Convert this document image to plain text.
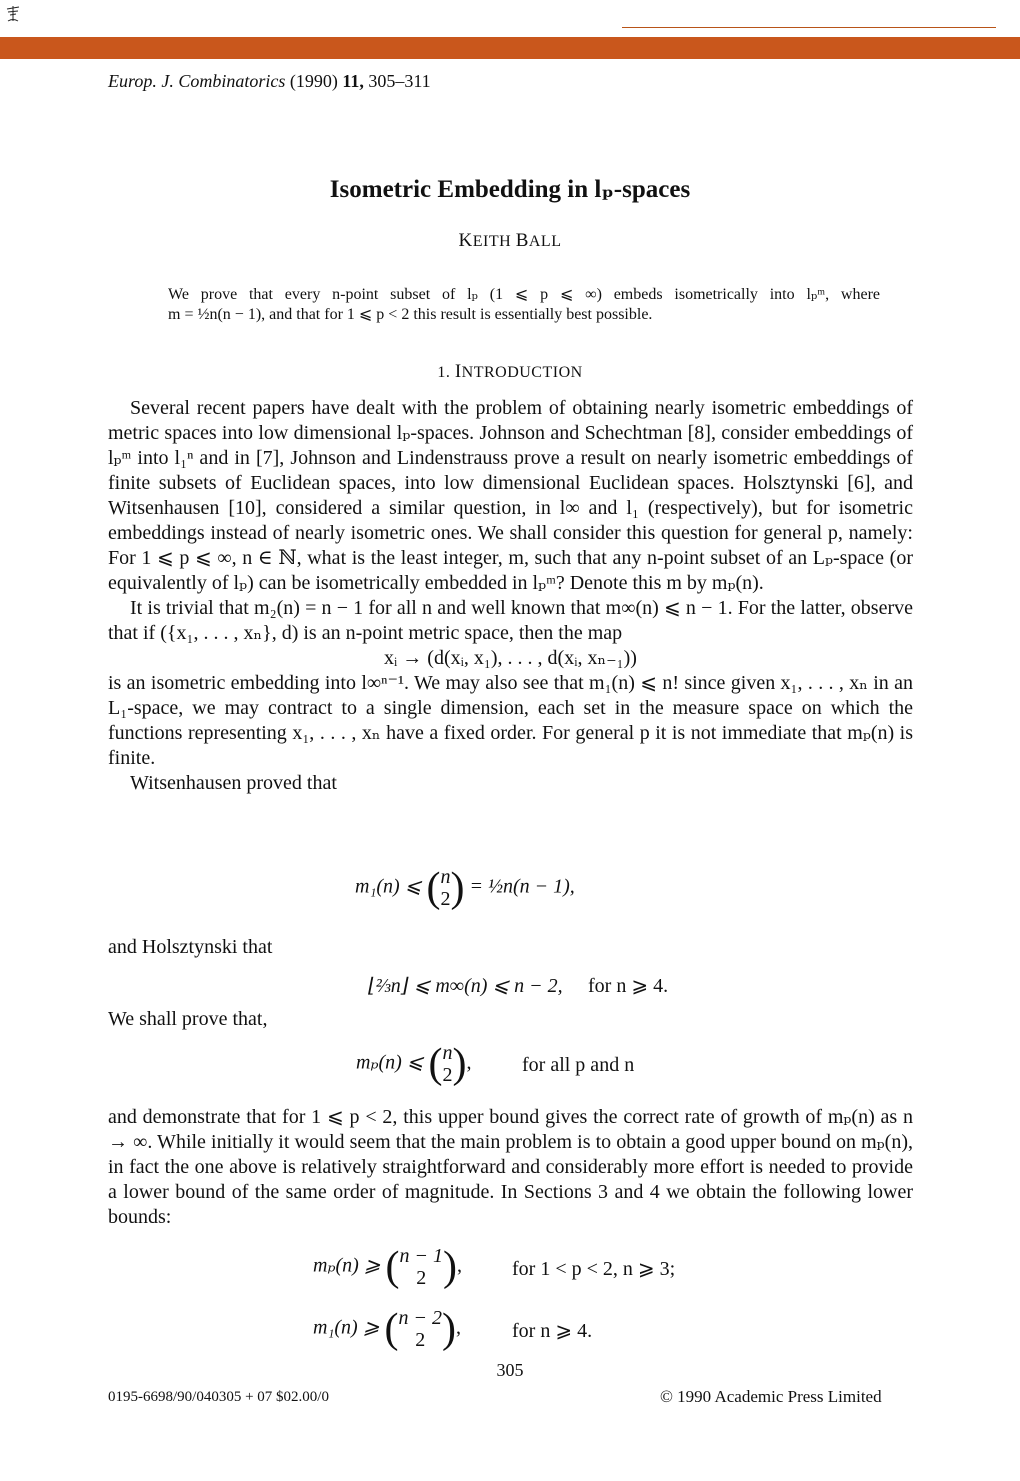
Europ. J. Combinatorics (1990) 11, 305–311
Isometric Embedding in lₚ-spaces
KEITH BALL

We prove that every n-point subset of lₚ (1 ⩽ p ⩽ ∞) embeds isometrically into lₚᵐ, where

m = ½n(n − 1), and that for 1 ⩽ p < 2 this result is essentially best possible.

1. INTRODUCTION

Several recent papers have dealt with the problem of obtaining nearly isometric embeddings of metric spaces into low dimensional lₚ-spaces. Johnson and Schechtman [8], consider embeddings of lₚᵐ into l₁ⁿ and in [7], Johnson and Lindenstrauss prove a result on nearly isometric embeddings of finite subsets of Euclidean spaces, into low dimensional Euclidean spaces. Holsztynski [6], and Witsenhausen [10], considered a similar question, in l∞ and l₁ (respectively), but for isometric embeddings instead of nearly isometric ones. We shall consider this question for general p, namely: For 1 ⩽ p ⩽ ∞, n ∈ ℕ, what is the least integer, m, such that any n-point subset of an Lₚ-space (or equivalently of lₚ) can be isometrically embedded in lₚᵐ? Denote this m by mₚ(n).

It is trivial that m₂(n) = n − 1 for all n and well known that m∞(n) ⩽ n − 1. For the latter, observe that if ({x₁, . . . , xₙ}, d) is an n-point metric space, then the map

xᵢ → (d(xᵢ, x₁), . . . , d(xᵢ, xₙ₋₁))

is an isometric embedding into l∞ⁿ⁻¹. We may also see that m₁(n) ⩽ n! since given x₁, . . . , xₙ in an L₁-space, we may contract to a single dimension, each set in the measure space on which the functions representing x₁, . . . , xₙ have a fixed order. For general p it is not immediate that mₚ(n) is finite.

Witsenhausen proved that

m₁(n) ⩽ (n
2) = ½n(n − 1),
and Holsztynski that
⌊⅔n⌋ ⩽ m∞(n) ⩽ n − 2, for n ⩾ 4.
We shall prove that,
mₚ(n) ⩽ (n
2),	for all p and n

and demonstrate that for 1 ⩽ p < 2, this upper bound gives the correct rate of growth of mₚ(n) as n → ∞. While initially it would seem that the main problem is to obtain a good upper bound on mₚ(n), in fact the one above is relatively straightforward and considerably more effort is needed to provide a lower bound of the same order of magnitude. In Sections 3 and 4 we obtain the following lower bounds:

mₚ(n) ⩾ (n − 1
2 ), for 1 < p < 2, n ⩾ 3;
m₁(n) ⩾ (n − 2
2 ),	for n ⩾ 4.
305
0195-6698/90/040305 + 07 $02.00/0	© 1990 Academic Press Limited
